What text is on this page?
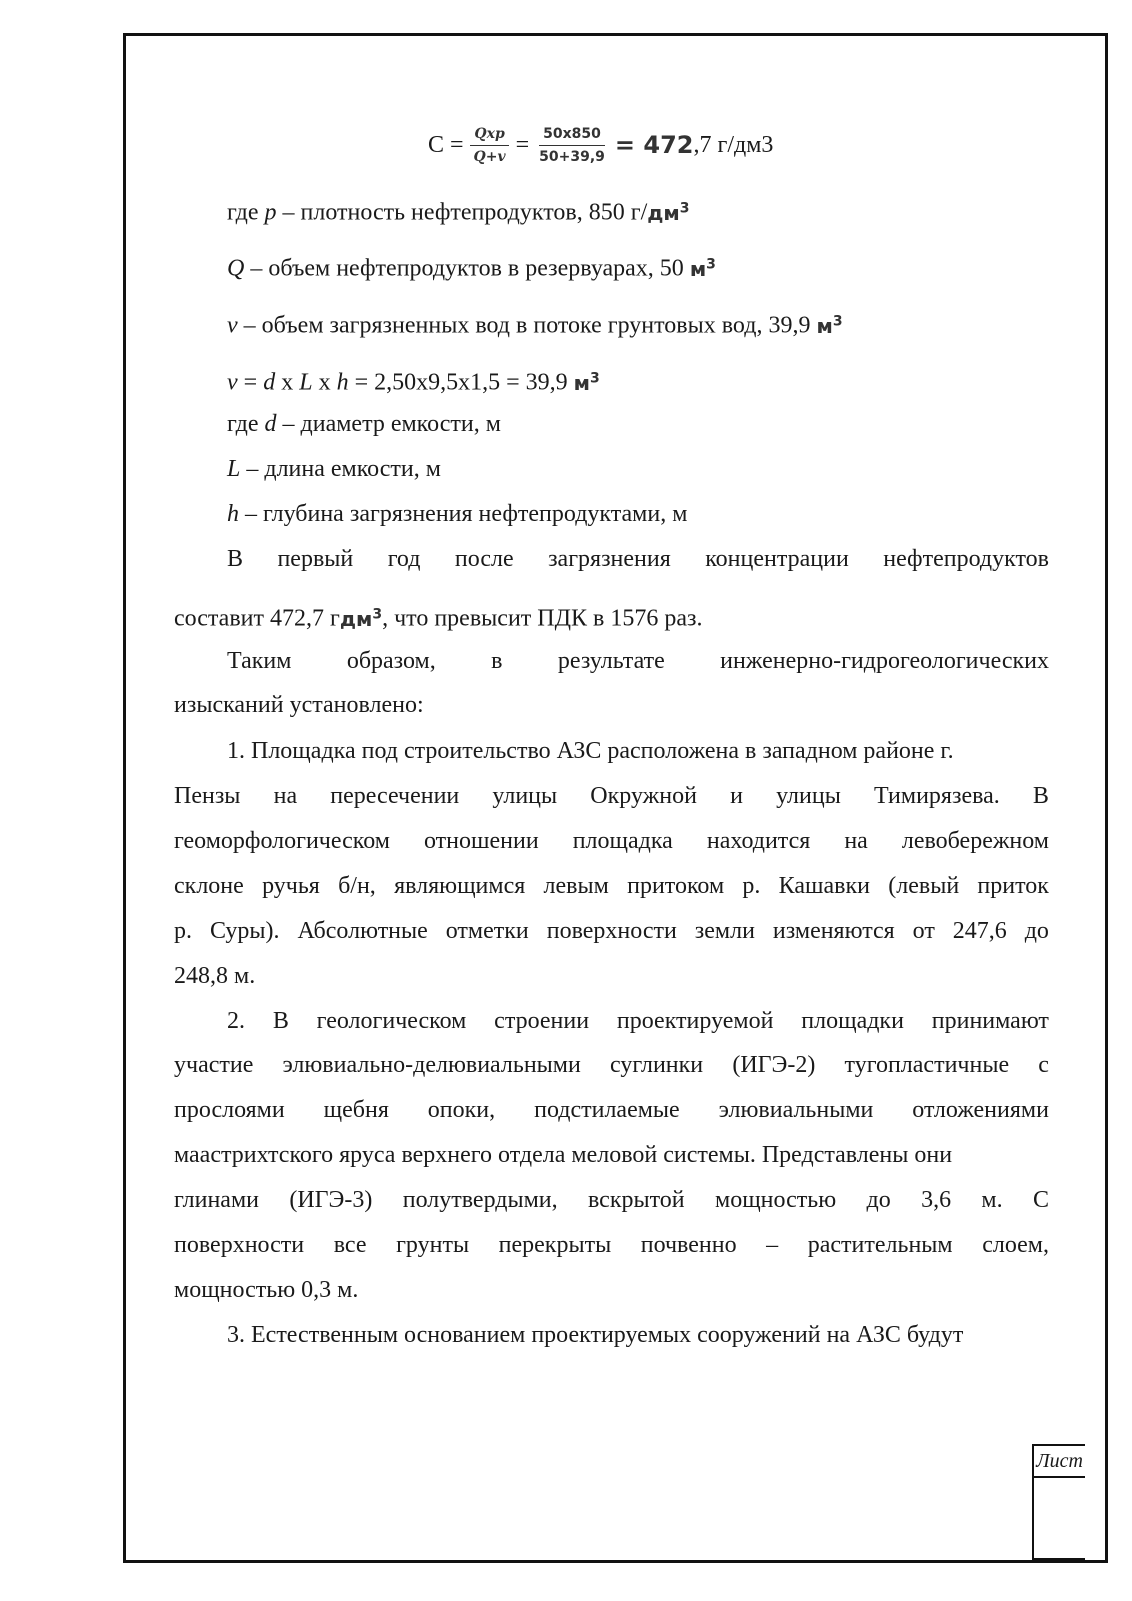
$С = \frac{\text{Qxp}}{Q+v} = \frac{50x850}{50+39,9} = 472$ ,7 г/дм3
где p – плотность нефтепродуктов, 850 $г/дм^3$
Q – объем нефтепродуктов в резервуарах, 50 $м^3$
v – объем загрязненных вод в потоке грунтовых вод, 39,9 $м^3$
v = d х L х h = 2,50х9,5х1,5 = 39,9 $м^3$
где d – диаметр емкости, м
L – длина емкости, м
h – глубина загрязнения нефтепродуктами, м
В первый год после загрязнения концентрации нефтепродуктов
составит 472,7 гдм$^3$, что превысит ПДК в 1576 раз.
Таким образом, в результате инженерно-гидрогеологических
изысканий установлено:
1. Площадка под строительство АЗС расположена в западном районе г.
Пензы на пересечении улицы Окружной и улицы Тимирязева. В
геоморфологическом отношении площадка находится на левобережном
склоне ручья б/н, являющимся левым притоком р. Кашавки (левый приток
р. Суры). Абсолютные отметки поверхности земли изменяются от 247,6 до
248,8 м.
2. В геологическом строении проектируемой площадки принимают
участие элювиально-делювиальными суглинки (ИГЭ-2) тугопластичные с
прослоями щебня опоки, подстилаемые элювиальными отложениями
маастрихтского яруса верхнего отдела меловой системы. Представлены они
глинами (ИГЭ-3) полутвердыми, вскрытой мощностью до 3,6 м. С
поверхности все грунты перекрыты почвенно – растительным слоем,
мощностью 0,3 м.
3. Естественным основанием проектируемых сооружений на АЗС будут
Лист
